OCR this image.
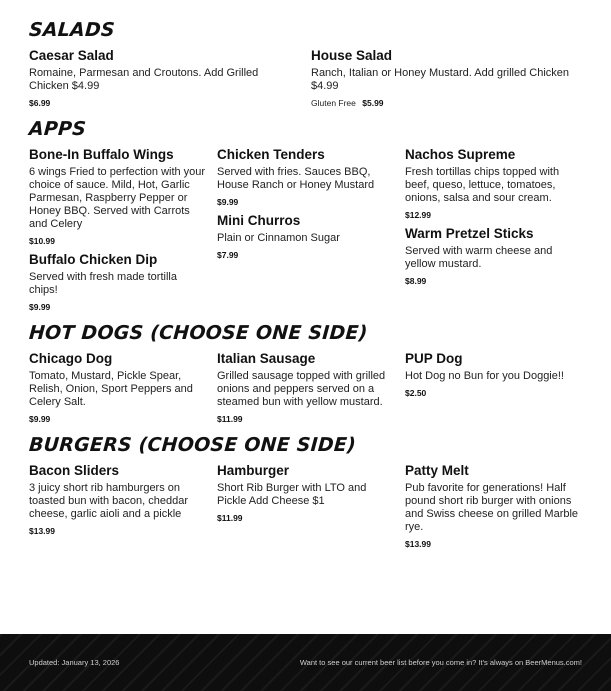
SALADS
Caesar Salad

Romaine, Parmesan and Croutons. Add Grilled Chicken $4.99

$6.99
House Salad

Ranch, Italian or Honey Mustard. Add grilled Chicken $4.99

Gluten Free $5.99
APPS
Bone-In Buffalo Wings

6 wings Fried to perfection with your choice of sauce. Mild, Hot, Garlic Parmesan, Raspberry Pepper or Honey BBQ. Served with Carrots and Celery

$10.99
Buffalo Chicken Dip

Served with fresh made tortilla chips!

$9.99
Chicken Tenders

Served with fries. Sauces BBQ, House Ranch or Honey Mustard

$9.99
Mini Churros

Plain or Cinnamon Sugar

$7.99
Nachos Supreme

Fresh tortillas chips topped with beef, queso, lettuce, tomatoes, onions, salsa and sour cream.

$12.99
Warm Pretzel Sticks

Served with warm cheese and yellow mustard.

$8.99
HOT DOGS (CHOOSE ONE SIDE)
Chicago Dog

Tomato, Mustard, Pickle Spear, Relish, Onion, Sport Peppers and Celery Salt.

$9.99
Italian Sausage

Grilled sausage topped with grilled onions and peppers served on a steamed bun with yellow mustard.

$11.99
PUP Dog

Hot Dog no Bun for you Doggie!!

$2.50
BURGERS (CHOOSE ONE SIDE)
Bacon Sliders

3 juicy short rib hamburgers on toasted bun with bacon, cheddar cheese, garlic aioli and a pickle

$13.99
Hamburger

Short Rib Burger with LTO and Pickle Add Cheese $1

$11.99
Patty Melt

Pub favorite for generations! Half pound short rib burger with onions and Swiss cheese on grilled Marble rye.

$13.99
Updated: January 13, 2026	Want to see our current beer list before you come in? It's always on BeerMenus.com!
